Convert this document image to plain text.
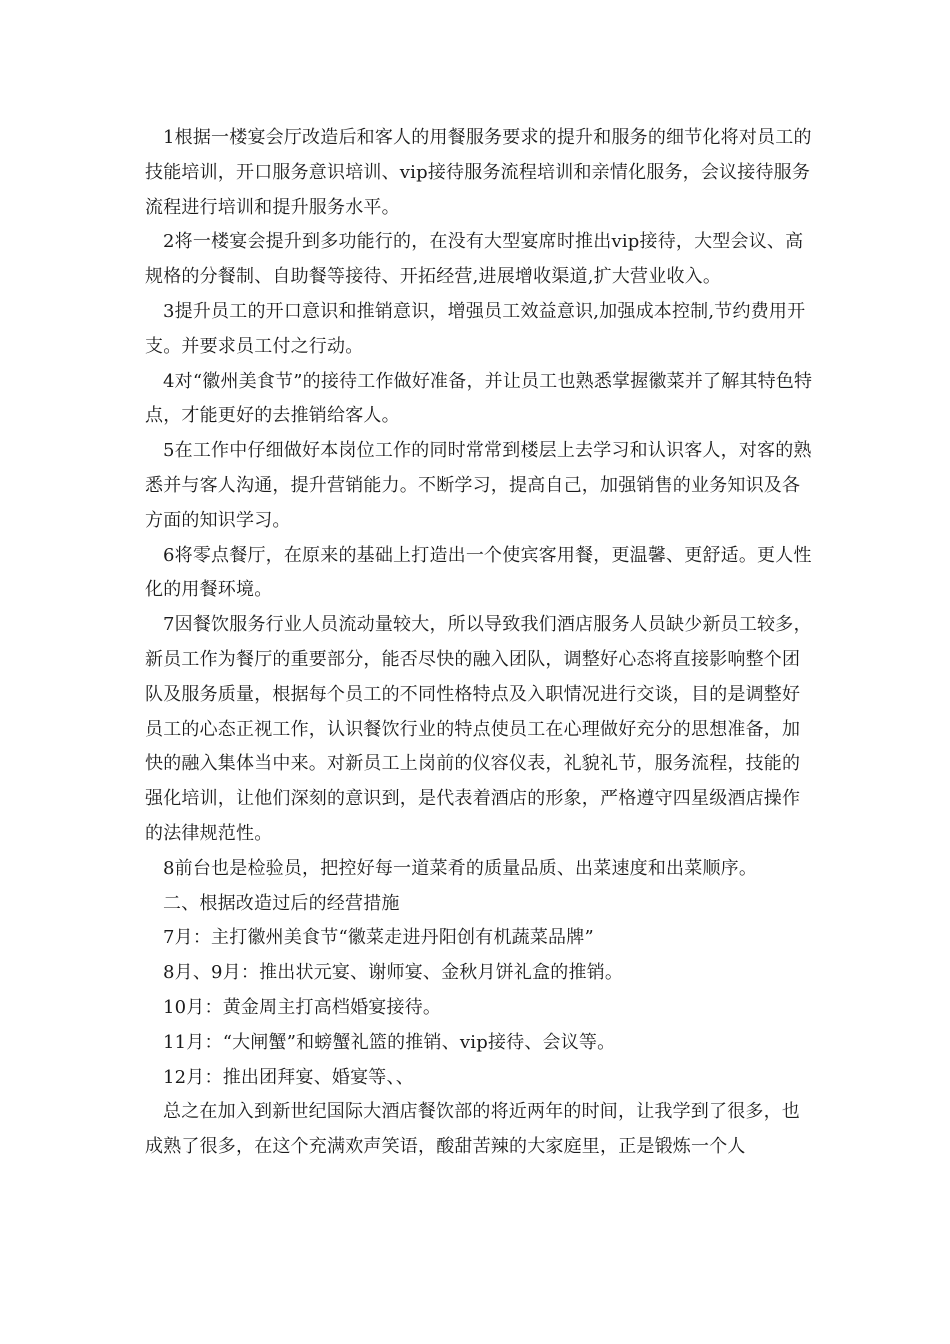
1根据一楼宴会厅改造后和客人的用餐服务要求的提升和服务的细节化将对员工的技能培训，开口服务意识培训、vip接待服务流程培训和亲情化服务，会议接待服务流程进行培训和提升服务水平。

2将一楼宴会提升到多功能行的，在没有大型宴席时推出vip接待，大型会议、高规格的分餐制、自助餐等接待、开拓经营,进展增收渠道,扩大营业收入。

3提升员工的开口意识和推销意识，增强员工效益意识,加强成本控制,节约费用开支。并要求员工付之行动。

4对“徽州美食节”的接待工作做好准备，并让员工也熟悉掌握徽菜并了解其特色特点，才能更好的去推销给客人。

5在工作中仔细做好本岗位工作的同时常常到楼层上去学习和认识客人，对客的熟悉并与客人沟通，提升营销能力。不断学习，提高自己，加强销售的业务知识及各方面的知识学习。

6将零点餐厅，在原来的基础上打造出一个使宾客用餐，更温馨、更舒适。更人性化的用餐环境。

7因餐饮服务行业人员流动量较大，所以导致我们酒店服务人员缺少新员工较多，新员工作为餐厅的重要部分，能否尽快的融入团队，调整好心态将直接影响整个团队及服务质量，根据每个员工的不同性格特点及入职情况进行交谈，目的是调整好员工的心态正视工作，认识餐饮行业的特点使员工在心理做好充分的思想准备，加快的融入集体当中来。对新员工上岗前的仪容仪表，礼貌礼节，服务流程，技能的强化培训，让他们深刻的意识到，是代表着酒店的形象，严格遵守四星级酒店操作的法律规范性。

8前台也是检验员，把控好每一道菜肴的质量品质、出菜速度和出菜顺序。

二、根据改造过后的经营措施

7月：主打徽州美食节“徽菜走进丹阳创有机蔬菜品牌”

8月、9月：推出状元宴、谢师宴、金秋月饼礼盒的推销。

10月：黄金周主打高档婚宴接待。

11月：“大闸蟹”和螃蟹礼篮的推销、vip接待、会议等。

12月：推出团拜宴、婚宴等、、

总之在加入到新世纪国际大酒店餐饮部的将近两年的时间，让我学到了很多，也成熟了很多，在这个充满欢声笑语，酸甜苦辣的大家庭里，正是锻炼一个人
